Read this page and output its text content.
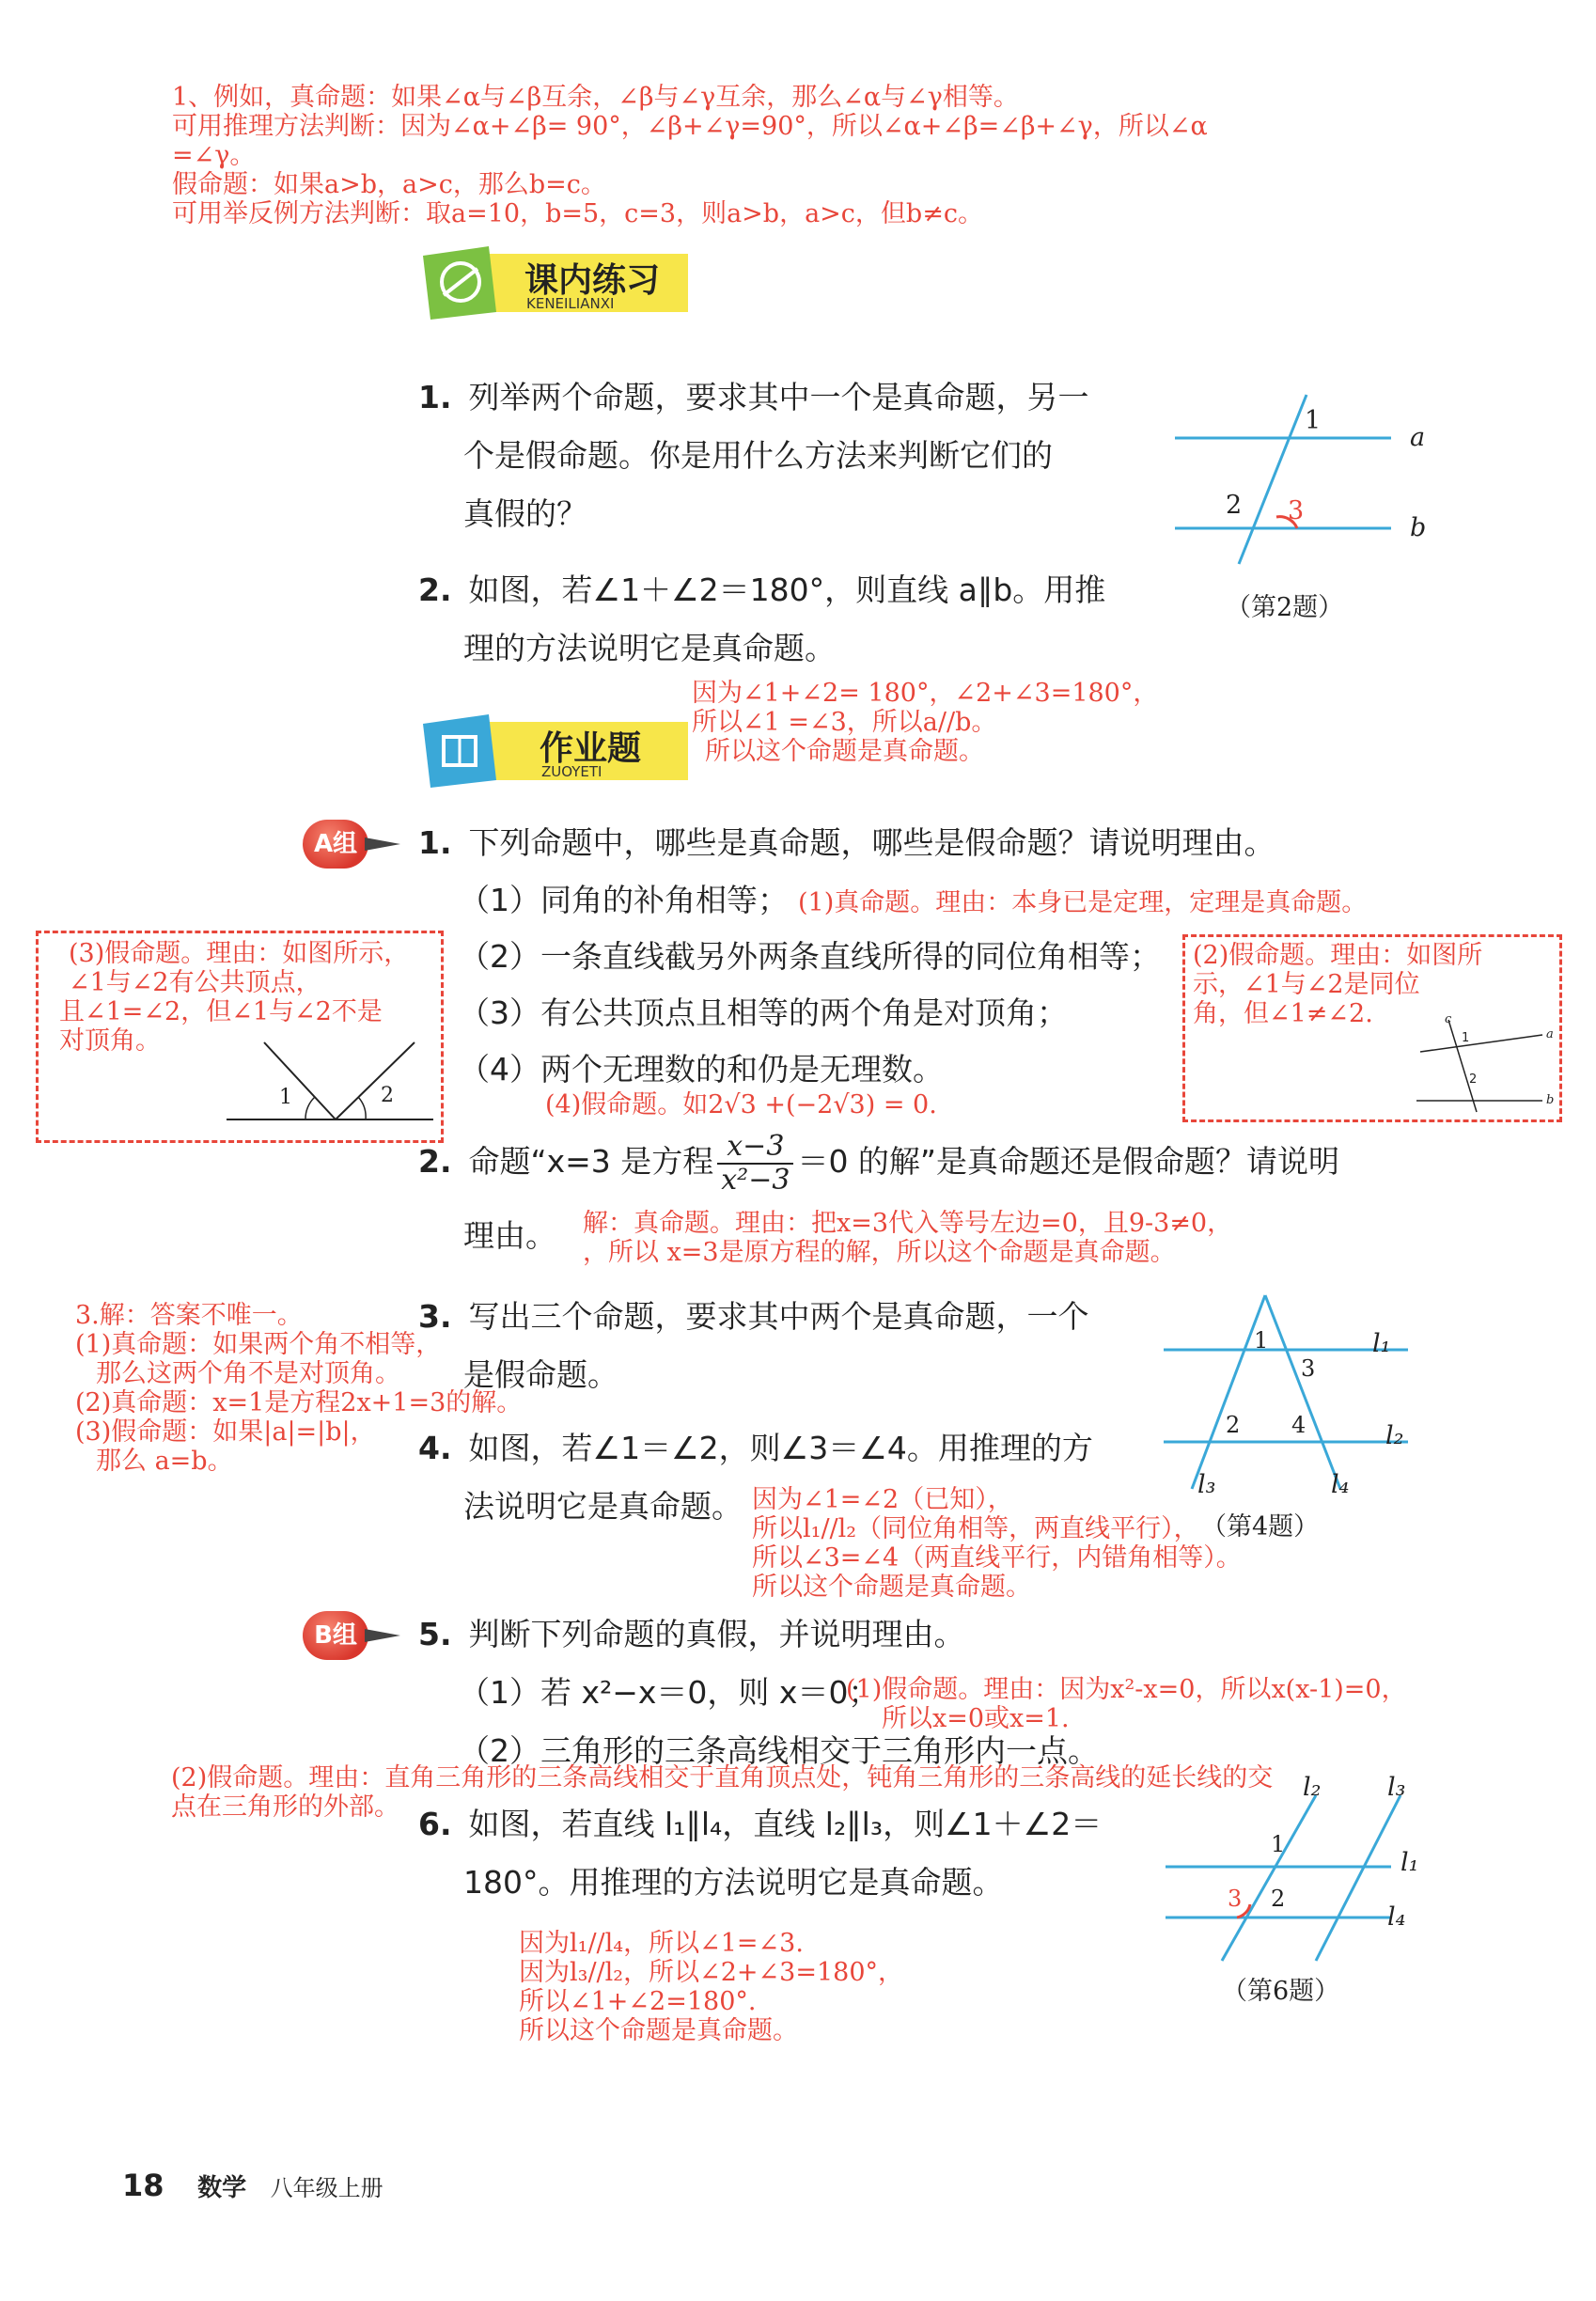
1、例如，真命题：如果∠α与∠β互余，∠β与∠γ互余，那么∠α与∠γ相等。
可用推理方法判断：因为∠α+∠β= 90°，∠β+∠γ=90°，所以∠α+∠β=∠β+∠γ，所以∠α
=∠γ。
假命题：如果a>b，a>c，那么b=c。
可用举反例方法判断：取a=10，b=5，c=3，则a>b，a>c，但b≠c。
课内练习
KENEILIANXI
1. 列举两个命题，要求其中一个是真命题，另一
个是假命题。你是用什么方法来判断它们的
真假的？
2. 如图，若∠1＋∠2＝180°，则直线 a∥b。用推
理的方法说明它是真命题。
因为∠1+∠2= 180°，∠2+∠3=180°，
所以∠1 =∠3，所以a//b。
所以这个命题是真命题。
1
a
2 3
b
（第2题）
作业题
ZUOYETI
A组	1. 下列命题中，哪些是真命题，哪些是假命题？请说明理由。
（1）同角的补角相等； (1)真命题。理由：本身已是定理，定理是真命题。
（2）一条直线截另外两条直线所得的同位角相等；
（3）有公共顶点且相等的两个角是对顶角；
（4）两个无理数的和仍是无理数。
(4)假命题。如2√3 +(−2√3) = 0.
(3)假命题。理由：如图所示，
∠1与∠2有公共顶点，
且∠1=∠2，但∠1与∠2不是
对顶角。
1	2
(2)假命题。理由：如图所
示，∠1与∠2是同位
角，但∠1≠∠2.	c
1	a
2
b
2. 命题“x=3 是方程 $\frac{x-3}{\text{x²−3}} =0$ 的解”是真命题还是假命题？请说明
理由。	解：真命题。理由：把x=3代入等号左边=0，且9-3≠0，
，所以 x=3是原方程的解，所以这个命题是真命题。
3. 写出三个命题，要求其中两个是真命题，一个
是假命题。
3.解：答案不唯一。
(1)真命题：如果两个角不相等，
那么这两个角不是对顶角。
(2)真命题：x=1是方程2x+1=3的解。
(3)假命题：如果|a|=|b|，
那么 a=b。	4. 如图，若∠1＝∠2，则∠3＝∠4。用推理的方
法说明它是真命题。 因为∠1=∠2（已知），
所以l₁//l₂（同位角相等，两直线平行），
所以∠3=∠4（两直线平行，内错角相等）。
所以这个命题是真命题。
1
3
l₁
2 4	l₂
l₃	l₄
（第4题）
B组	5. 判断下列命题的真假，并说明理由。
（1）若 x²−x＝0，则 x＝0；
(1)假命题。理由：因为x²-x=0，所以x(x-1)=0，
所以x=0或x=1.
（2）三角形的三条高线相交于三角形内一点。
(2)假命题。理由：直角三角形的三条高线相交于直角顶点处，钝角三角形的三条高线的延长线的交
点在三角形的外部。 6. 如图，若直线 l₁∥l₄，直线 l₂∥l₃，则∠1＋∠2＝
180°。用推理的方法说明它是真命题。
因为l₁//l₄，所以∠1=∠3.
因为l₃//l₂，所以∠2+∠3=180°，
所以∠1+∠2=180°.
所以这个命题是真命题。
l₂	l₃
1
l₁
3 2
l₄
（第6题）
18 数学 八年级上册
